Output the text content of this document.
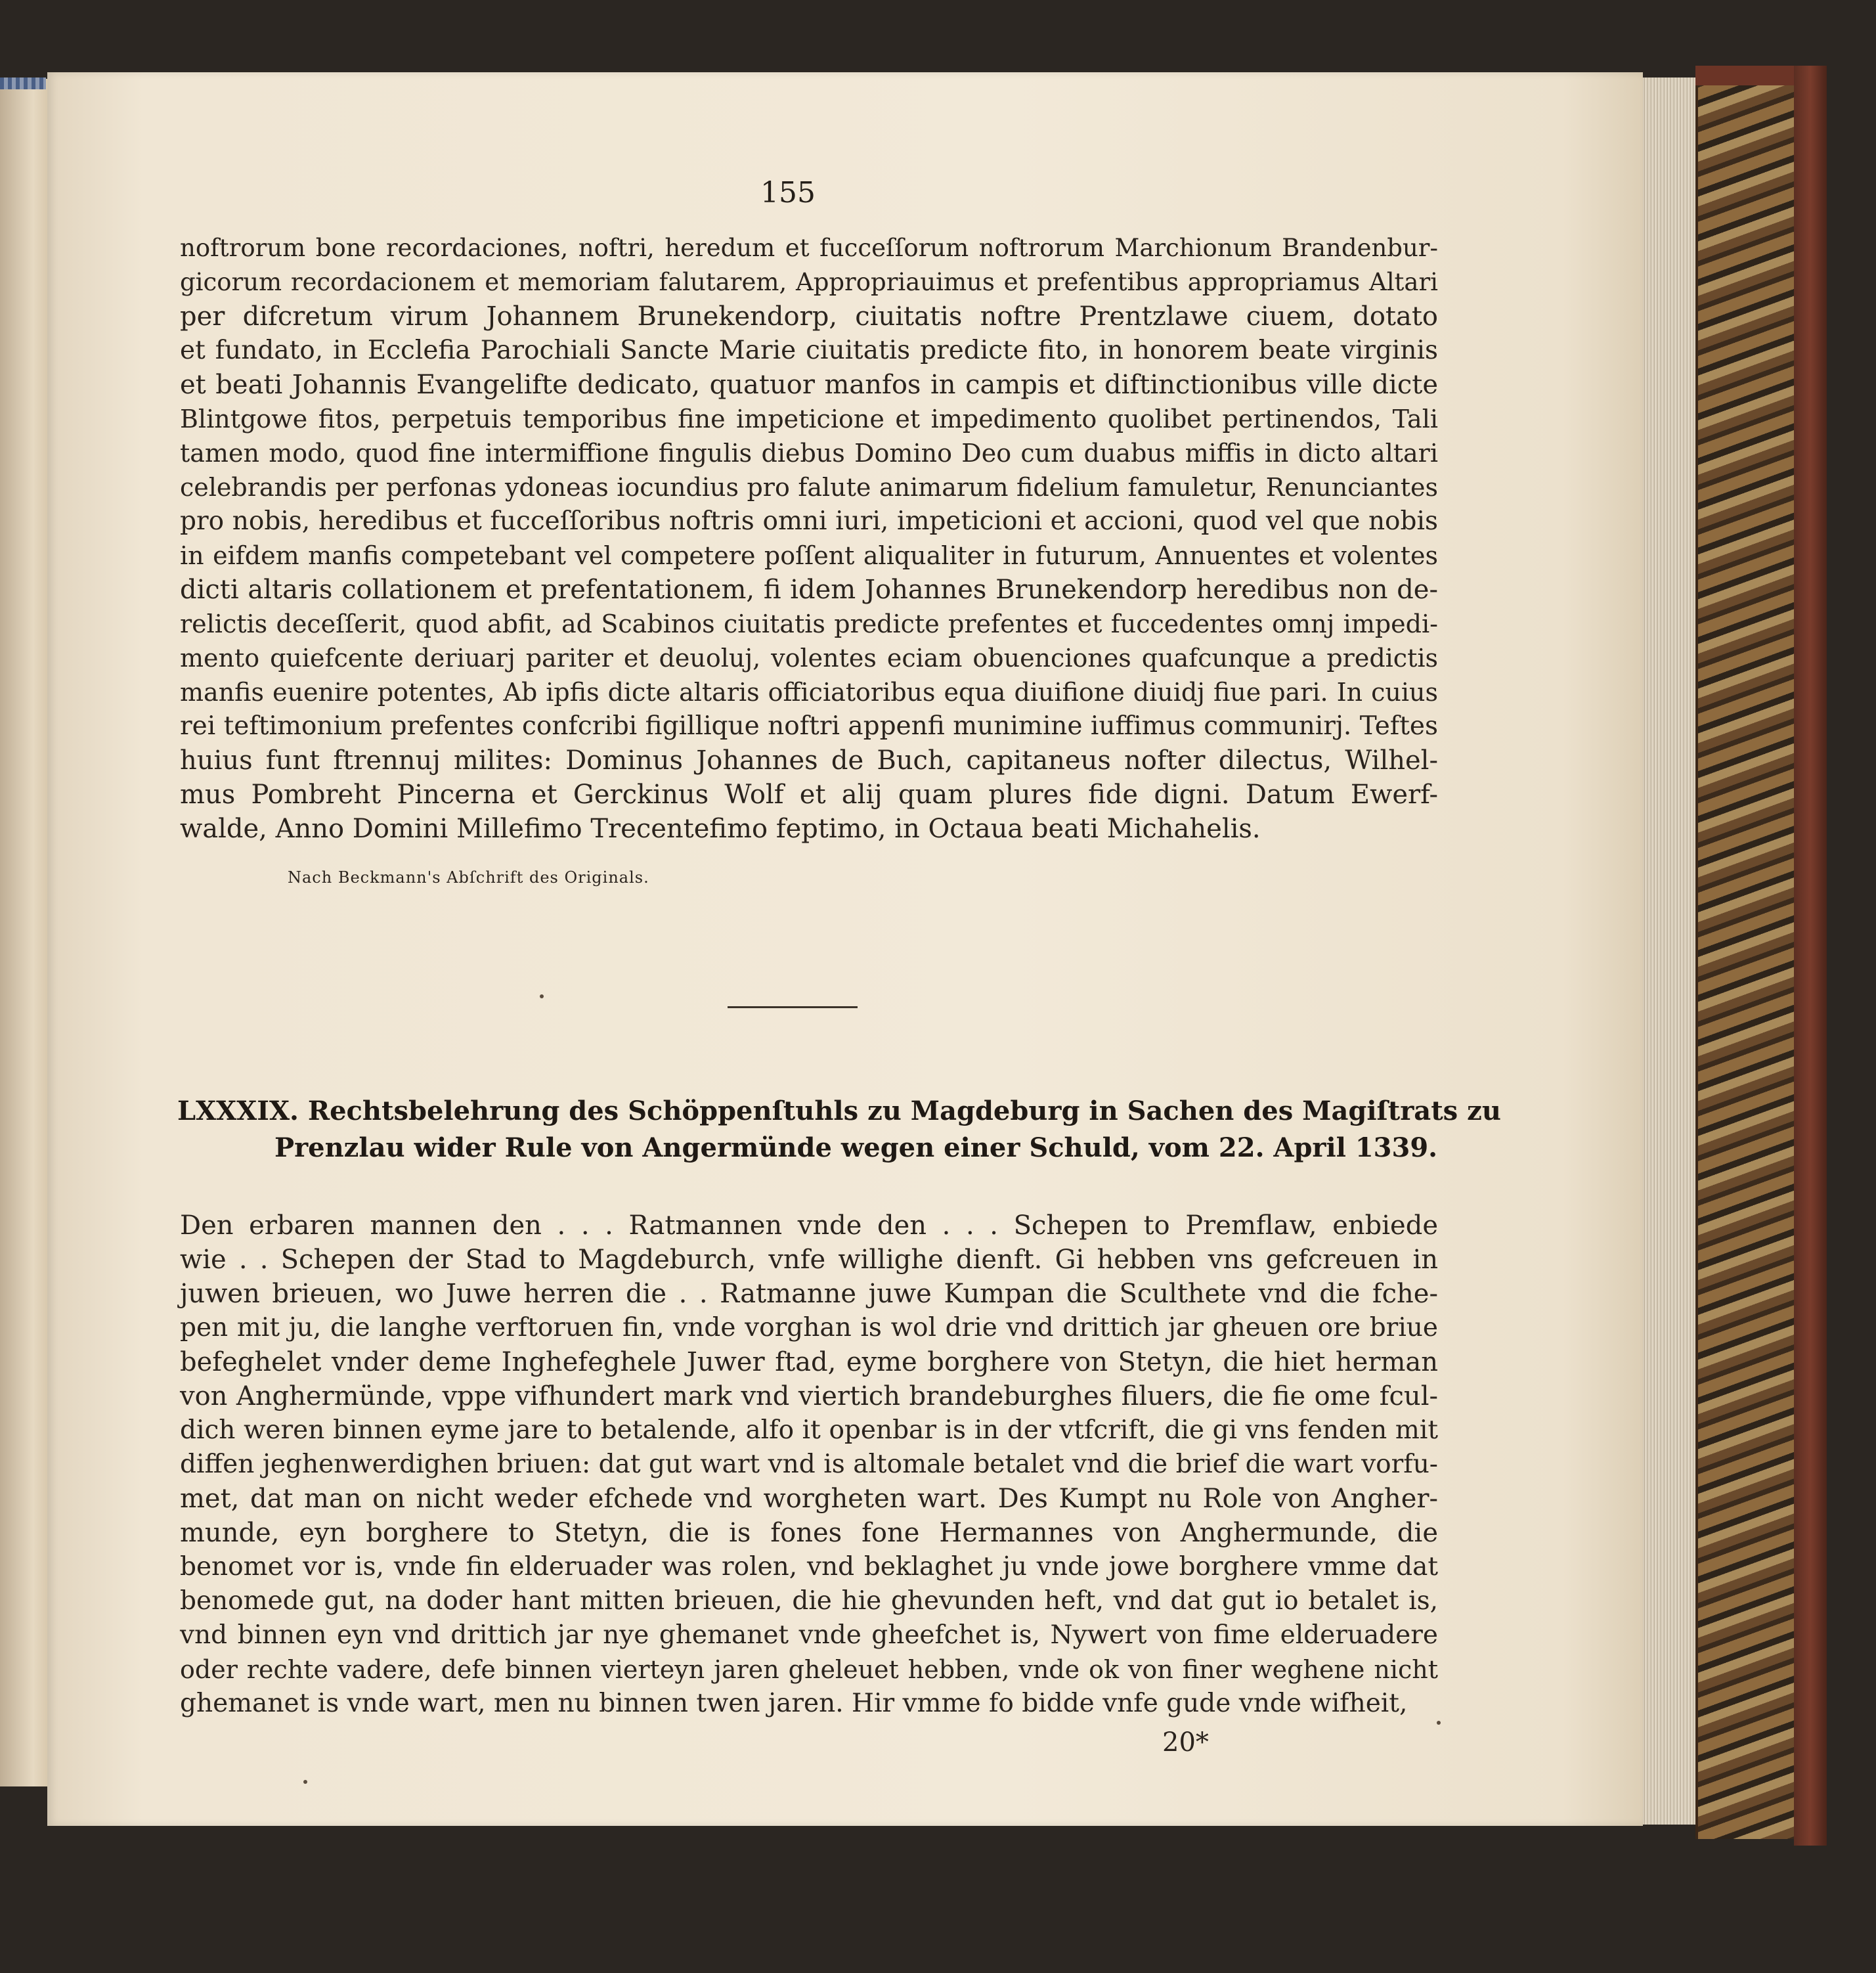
155

noftrorum bone recordaciones, noftri, heredum et fucceſſorum noftrorum Marchionum Brandenbur-
gicorum recordacionem et memoriam falutarem, Appropriauimus et prefentibus appropriamus Altari
per difcretum virum Johannem Brunekendorp, ciuitatis noftre Prentzlawe ciuem, dotato
et fundato, in Ecclefia Parochiali Sancte Marie ciuitatis predicte fito, in honorem beate virginis
et beati Johannis Evangelifte dedicato, quatuor manfos in campis et diftinctionibus ville dicte
Blintgowe fitos, perpetuis temporibus fine impeticione et impedimento quolibet pertinendos, Tali
tamen modo, quod fine intermiffione fingulis diebus Domino Deo cum duabus miffis in dicto altari
celebrandis per perfonas ydoneas iocundius pro falute animarum fidelium famuletur, Renunciantes
pro nobis, heredibus et fucceſſoribus noftris omni iuri, impeticioni et accioni, quod vel que nobis
in eifdem manfis competebant vel competere poſſent aliqualiter in futurum, Annuentes et volentes
dicti altaris collationem et prefentationem, fi idem Johannes Brunekendorp heredibus non de-
relictis deceſſerit, quod abfit, ad Scabinos ciuitatis predicte prefentes et fuccedentes omnj impedi-
mento quiefcente deriuarj pariter et deuoluj, volentes eciam obuenciones quafcunque a predictis
manfis euenire potentes, Ab ipfis dicte altaris officiatoribus equa diuifione diuidj fiue pari. In cuius
rei teftimonium prefentes confcribi figillique noftri appenfi munimine iuffimus communirj. Teftes
huius funt ftrennuj milites: Dominus Johannes de Buch, capitaneus nofter dilectus, Wilhel-
mus Pombreht Pincerna et Gerckinus Wolf et alij quam plures fide digni. Datum Ewerf-
walde, Anno Domini Millefimo Trecentefimo feptimo, in Octaua beati Michahelis.

Nach Beckmann's Abſchrift des Originals.

LXXXIX. Rechtsbelehrung des Schöppenſtuhls zu Magdeburg in Sachen des Magiſtrats zu
Prenzlau wider Rule von Angermünde wegen einer Schuld, vom 22. April 1339.
Den erbaren mannen den . . . Ratmannen vnde den . . . Schepen to Premflaw, enbiede
wie . . Schepen der Stad to Magdeburch, vnfe willighe dienft. Gi hebben vns gefcreuen in
juwen brieuen, wo Juwe herren die . . Ratmanne juwe Kumpan die Sculthete vnd die fche-
pen mit ju, die langhe verftoruen fin, vnde vorghan is wol drie vnd drittich jar gheuen ore briue
befeghelet vnder deme Inghefeghele Juwer ftad, eyme borghere von Stetyn, die hiet herman
von Anghermünde, vppe vifhundert mark vnd viertich brandeburghes filuers, die fie ome fcul-
dich weren binnen eyme jare to betalende, alfo it openbar is in der vtfcrift, die gi vns fenden mit
diffen jeghenwerdighen briuen: dat gut wart vnd is altomale betalet vnd die brief die wart vorfu-
met, dat man on nicht weder efchede vnd worgheten wart. Des Kumpt nu Role von Angher-
munde, eyn borghere to Stetyn, die is fones fone Hermannes von Anghermunde, die
benomet vor is, vnde fin elderuader was rolen, vnd beklaghet ju vnde jowe borghere vmme dat
benomede gut, na doder hant mitten brieuen, die hie ghevunden heft, vnd dat gut io betalet is,
vnd binnen eyn vnd drittich jar nye ghemanet vnde gheefchet is, Nywert von fime elderuadere
oder rechte vadere, defe binnen vierteyn jaren gheleuet hebben, vnde ok von finer weghene nicht
ghemanet is vnde wart, men nu binnen twen jaren. Hir vmme fo bidde vnfe gude vnde wifheit,

20*
